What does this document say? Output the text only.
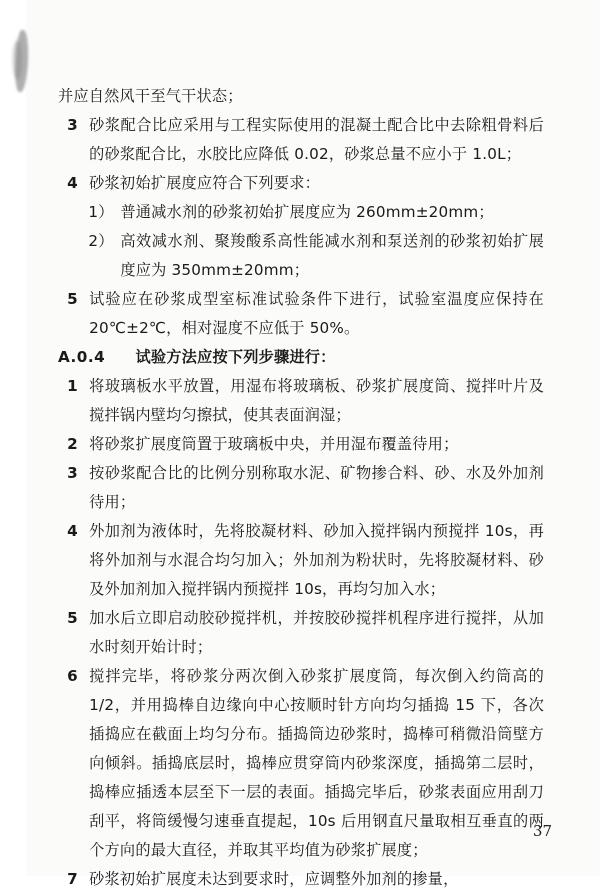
并应自然风干至气干状态；

3 砂浆配合比应采用与工程实际使用的混凝土配合比中去除粗骨料后的砂浆配合比，水胶比应降低 0.02，砂浆总量不应小于 1.0L；

4 砂浆初始扩展度应符合下列要求：

1） 普通减水剂的砂浆初始扩展度应为 260mm±20mm；

2） 高效减水剂、聚羧酸系高性能减水剂和泵送剂的砂浆初始扩展度应为 350mm±20mm；

5 试验应在砂浆成型室标准试验条件下进行，试验室温度应保持在 20℃±2℃，相对湿度不应低于 50%。

A.0.4 试验方法应按下列步骤进行：

1 将玻璃板水平放置，用湿布将玻璃板、砂浆扩展度筒、搅拌叶片及搅拌锅内壁均匀擦拭，使其表面润湿；

2 将砂浆扩展度筒置于玻璃板中央，并用湿布覆盖待用；

3 按砂浆配合比的比例分别称取水泥、矿物掺合料、砂、水及外加剂待用；

4 外加剂为液体时，先将胶凝材料、砂加入搅拌锅内预搅拌 10s，再将外加剂与水混合均匀加入；外加剂为粉状时，先将胶凝材料、砂及外加剂加入搅拌锅内预搅拌 10s，再均匀加入水；

5 加水后立即启动胶砂搅拌机，并按胶砂搅拌机程序进行搅拌，从加水时刻开始计时；

6 搅拌完毕，将砂浆分两次倒入砂浆扩展度筒，每次倒入约筒高的 1/2，并用捣棒自边缘向中心按顺时针方向均匀插捣 15 下，各次插捣应在截面上均匀分布。插捣筒边砂浆时，捣棒可稍微沿筒壁方向倾斜。插捣底层时，捣棒应贯穿筒内砂浆深度，插捣第二层时，捣棒应插透本层至下一层的表面。插捣完毕后，砂浆表面应用刮刀刮平，将筒缓慢匀速垂直提起，10s 后用钢直尺量取相互垂直的两个方向的最大直径，并取其平均值为砂浆扩展度；

7 砂浆初始扩展度未达到要求时，应调整外加剂的掺量，

37
